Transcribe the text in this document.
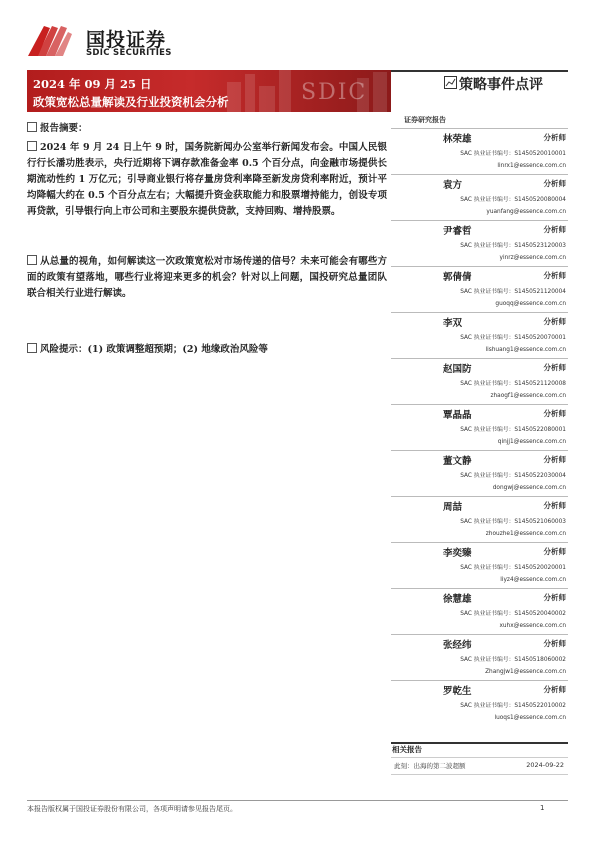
国投证券
SDIC SECURITIES
SDIC
2024 年 09 月 25 日
政策宽松总量解读及行业投资机会分析
策略事件点评
报告摘要：
2024 年 9 月 24 日上午 9 时，国务院新闻办公室举行新闻发布会。中国人民银行行长潘功胜表示，央行近期将下调存款准备金率 0.5 个百分点，向金融市场提供长期流动性约 1 万亿元；引导商业银行将存量房贷利率降至新发房贷利率附近，预计平均降幅大约在 0.5 个百分点左右；大幅提升资金获取能力和股票增持能力，创设专项再贷款，引导银行向上市公司和主要股东提供贷款，支持回购、增持股票。
从总量的视角，如何解读这一次政策宽松对市场传递的信号？未来可能会有哪些方面的政策有望落地，哪些行业将迎来更多的机会？针对以上问题，国投研究总量团队联合相关行业进行解读。
风险提示：(1) 政策调整超预期；(2) 地缘政治风险等
证券研究报告
林荣雄	分析师
SAC 执业证书编号：S1450520010001
linrx1@essence.com.cn
袁方	分析师
SAC 执业证书编号：S1450520080004
yuanfang@essence.com.cn
尹睿哲	分析师
SAC 执业证书编号：S1450523120003
yinrz@essence.com.cn
郭倩倩	分析师
SAC 执业证书编号：S1450521120004
guoqq@essence.com.cn
李双	分析师
SAC 执业证书编号：S1450520070001
lishuang1@essence.com.cn
赵国防	分析师
SAC 执业证书编号：S1450521120008
zhaogf1@essence.com.cn
覃晶晶	分析师
SAC 执业证书编号：S1450522080001
qinjj1@essence.com.cn
董文静	分析师
SAC 执业证书编号：S1450522030004
dongwj@essence.com.cn
周喆	分析师
SAC 执业证书编号：S1450521060003
zhouzhe1@essence.com.cn
李奕臻	分析师
SAC 执业证书编号：S1450520020001
liyz4@essence.com.cn
徐慧雄	分析师
SAC 执业证书编号：S1450520040002
xuhx@essence.com.cn
张经纬	分析师
SAC 执业证书编号：S1450518060002
Zhangjw1@essence.com.cn
罗乾生	分析师
SAC 执业证书编号：S1450522010002
luoqs1@essence.com.cn
相关报告
此刻：出海的第二波超额	2024-09-22
本报告版权属于国投证券股份有限公司，各项声明请参见报告尾页。	1
